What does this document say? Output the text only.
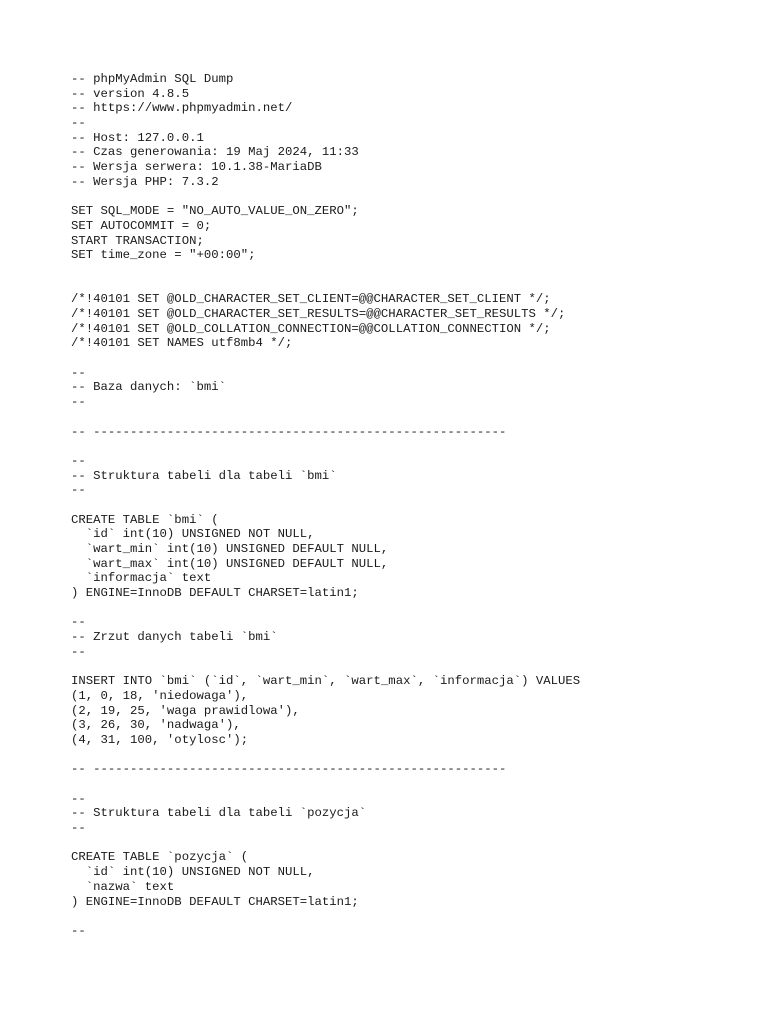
-- phpMyAdmin SQL Dump
-- version 4.8.5
-- https://www.phpmyadmin.net/
--
-- Host: 127.0.0.1
-- Czas generowania: 19 Maj 2024, 11:33
-- Wersja serwera: 10.1.38-MariaDB
-- Wersja PHP: 7.3.2
SET SQL_MODE = "NO_AUTO_VALUE_ON_ZERO";
SET AUTOCOMMIT = 0;
START TRANSACTION;
SET time_zone = "+00:00";
/*!40101 SET @OLD_CHARACTER_SET_CLIENT=@@CHARACTER_SET_CLIENT */;
/*!40101 SET @OLD_CHARACTER_SET_RESULTS=@@CHARACTER_SET_RESULTS */;
/*!40101 SET @OLD_COLLATION_CONNECTION=@@COLLATION_CONNECTION */;
/*!40101 SET NAMES utf8mb4 */;
--
-- Baza danych: `bmi`
--
-- --------------------------------------------------------
--
-- Struktura tabeli dla tabeli `bmi`
--
CREATE TABLE `bmi` (
`id` int(10) UNSIGNED NOT NULL,
`wart_min` int(10) UNSIGNED DEFAULT NULL,
`wart_max` int(10) UNSIGNED DEFAULT NULL,
`informacja` text
) ENGINE=InnoDB DEFAULT CHARSET=latin1;
--
-- Zrzut danych tabeli `bmi`
--
INSERT INTO `bmi` (`id`, `wart_min`, `wart_max`, `informacja`) VALUES
(1, 0, 18, 'niedowaga'),
(2, 19, 25, 'waga prawidlowa'),
(3, 26, 30, 'nadwaga'),
(4, 31, 100, 'otylosc');
-- --------------------------------------------------------
--
-- Struktura tabeli dla tabeli `pozycja`
--
CREATE TABLE `pozycja` (
`id` int(10) UNSIGNED NOT NULL,
`nazwa` text
) ENGINE=InnoDB DEFAULT CHARSET=latin1;
--
